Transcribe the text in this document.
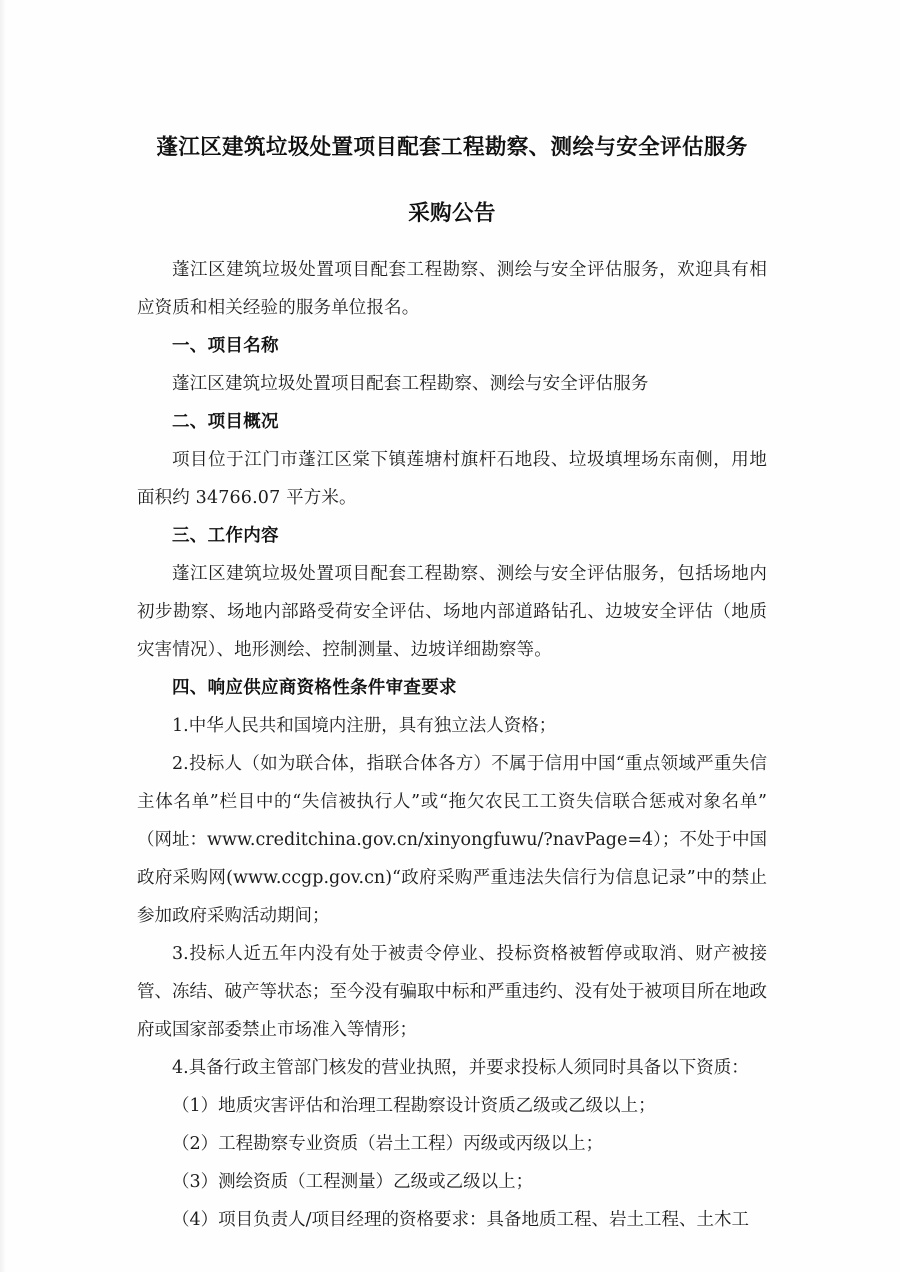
蓬江区建筑垃圾处置项目配套工程勘察、测绘与安全评估服务
采购公告

蓬江区建筑垃圾处置项目配套工程勘察、测绘与安全评估服务，欢迎具有相应资质和相关经验的服务单位报名。

一、项目名称

蓬江区建筑垃圾处置项目配套工程勘察、测绘与安全评估服务

二、项目概况

项目位于江门市蓬江区棠下镇莲塘村旗杆石地段、垃圾填埋场东南侧，用地面积约 34766.07 平方米。

三、工作内容

蓬江区建筑垃圾处置项目配套工程勘察、测绘与安全评估服务，包括场地内初步勘察、场地内部路受荷安全评估、场地内部道路钻孔、边坡安全评估（地质灾害情况）、地形测绘、控制测量、边坡详细勘察等。

四、响应供应商资格性条件审查要求

1.中华人民共和国境内注册，具有独立法人资格；

2.投标人（如为联合体，指联合体各方）不属于信用中国“重点领域严重失信主体名单”栏目中的“失信被执行人”或“拖欠农民工工资失信联合惩戒对象名单”（网址：www.creditchina.gov.cn/xinyongfuwu/?navPage=4）；不处于中国政府采购网(www.ccgp.gov.cn)“政府采购严重违法失信行为信息记录”中的禁止参加政府采购活动期间；

3.投标人近五年内没有处于被责令停业、投标资格被暂停或取消、财产被接管、冻结、破产等状态；至今没有骗取中标和严重违约、没有处于被项目所在地政府或国家部委禁止市场准入等情形；

4.具备行政主管部门核发的营业执照，并要求投标人须同时具备以下资质：

（1）地质灾害评估和治理工程勘察设计资质乙级或乙级以上；

（2）工程勘察专业资质（岩土工程）丙级或丙级以上；

（3）测绘资质（工程测量）乙级或乙级以上；

（4）项目负责人/项目经理的资格要求：具备地质工程、岩土工程、土木工
